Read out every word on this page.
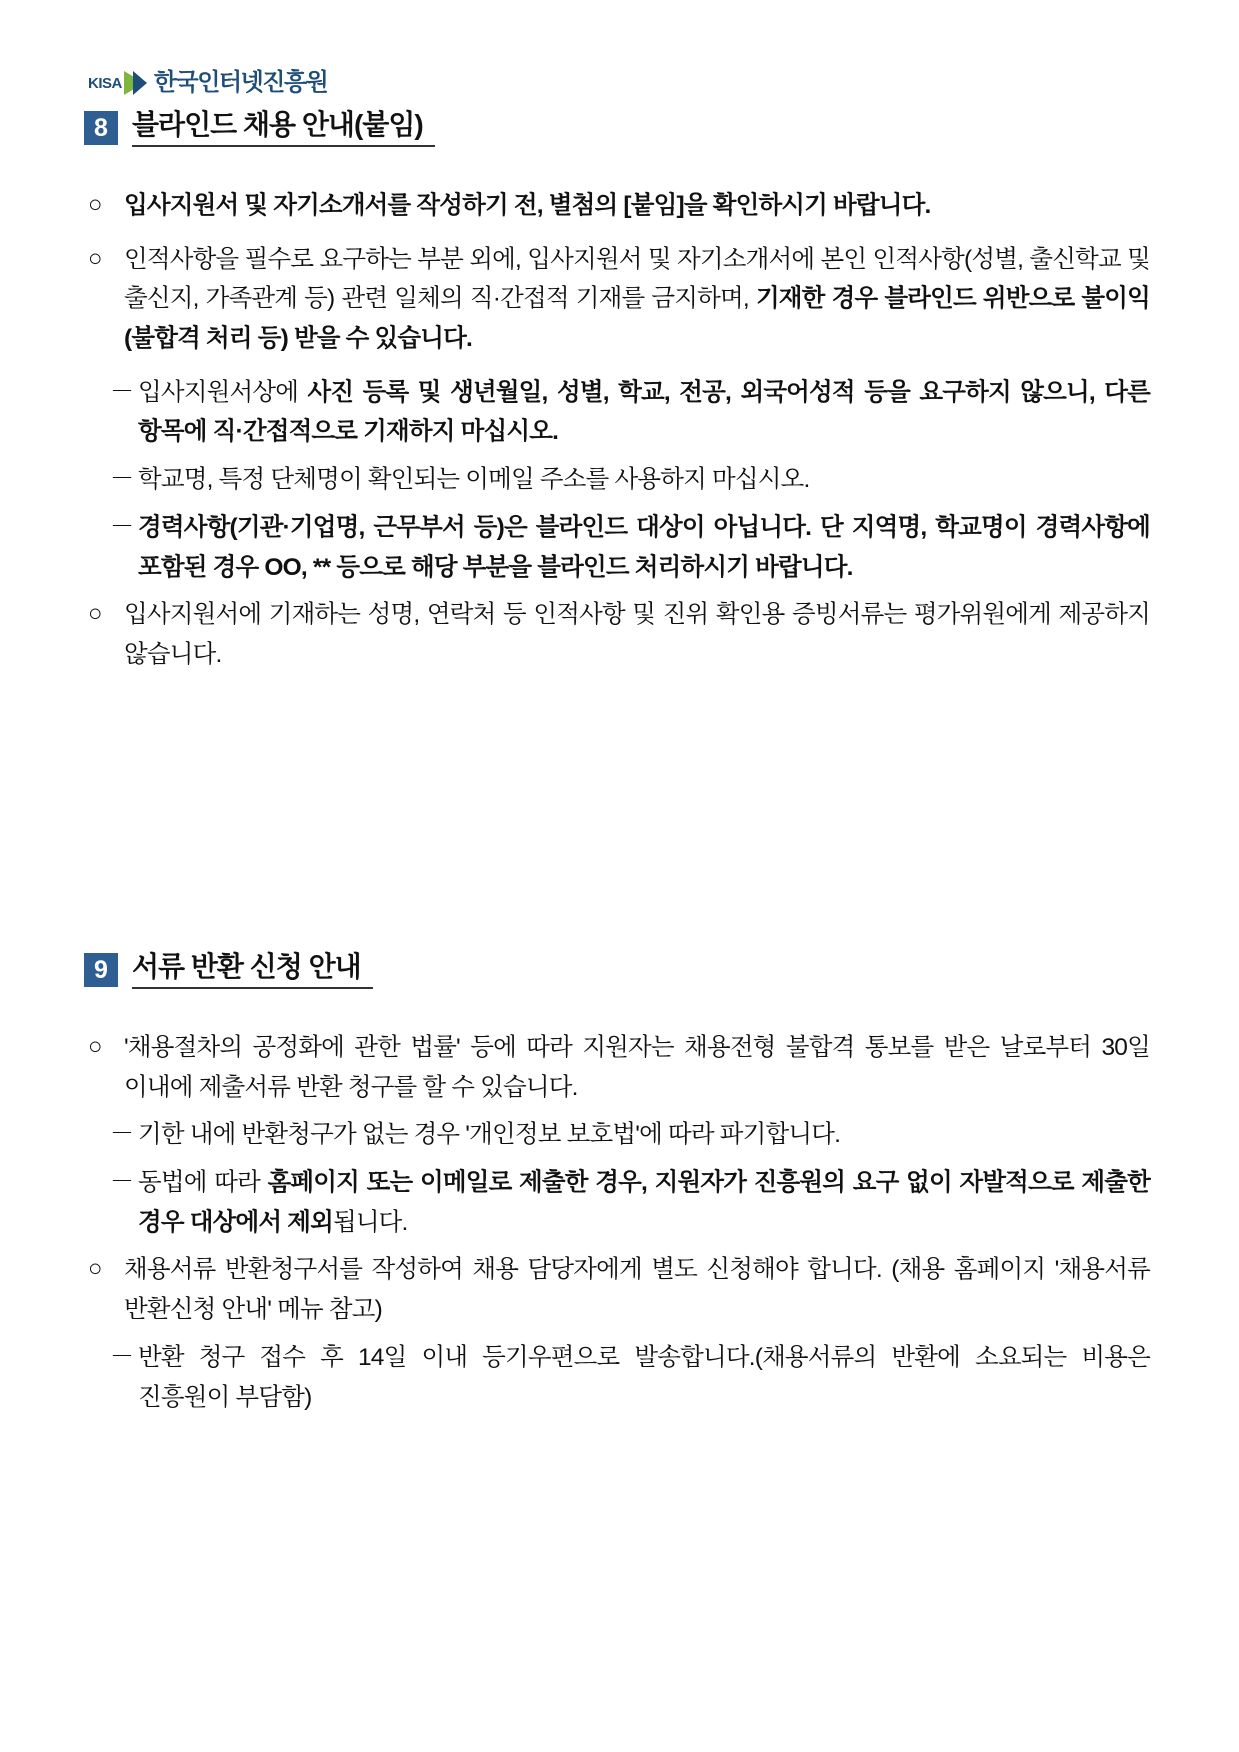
KISA 한국인터넷진흥원
8 블라인드 채용 안내(붙임)
○ 입사지원서 및 자기소개서를 작성하기 전, 별첨의 [붙임]을 확인하시기 바랍니다.
○ 인적사항을 필수로 요구하는 부분 외에, 입사지원서 및 자기소개서에 본인 인적사항(성별, 출신학교 및 출신지, 가족관계 등) 관련 일체의 직·간접적 기재를 금지하며, 기재한 경우 블라인드 위반으로 불이익(불합격 처리 등) 받을 수 있습니다.
－ 입사지원서상에 사진 등록 및 생년월일, 성별, 학교, 전공, 외국어성적 등을 요구하지 않으니, 다른 항목에 직·간접적으로 기재하지 마십시오.
－ 학교명, 특정 단체명이 확인되는 이메일 주소를 사용하지 마십시오.
－ 경력사항(기관·기업명, 근무부서 등)은 블라인드 대상이 아닙니다. 단 지역명, 학교명이 경력사항에 포함된 경우 OO, ** 등으로 해당 부분을 블라인드 처리하시기 바랍니다.
○ 입사지원서에 기재하는 성명, 연락처 등 인적사항 및 진위 확인용 증빙서류는 평가위원에게 제공하지 않습니다.
9 서류 반환 신청 안내
○ '채용절차의 공정화에 관한 법률' 등에 따라 지원자는 채용전형 불합격 통보를 받은 날로부터 30일 이내에 제출서류 반환 청구를 할 수 있습니다.
－ 기한 내에 반환청구가 없는 경우 '개인정보 보호법'에 따라 파기합니다.
－ 동법에 따라 홈페이지 또는 이메일로 제출한 경우, 지원자가 진흥원의 요구 없이 자발적으로 제출한 경우 대상에서 제외됩니다.
○ 채용서류 반환청구서를 작성하여 채용 담당자에게 별도 신청해야 합니다. (채용 홈페이지 '채용서류 반환신청 안내' 메뉴 참고)
－ 반환 청구 접수 후 14일 이내 등기우편으로 발송합니다.(채용서류의 반환에 소요되는 비용은 진흥원이 부담함)
